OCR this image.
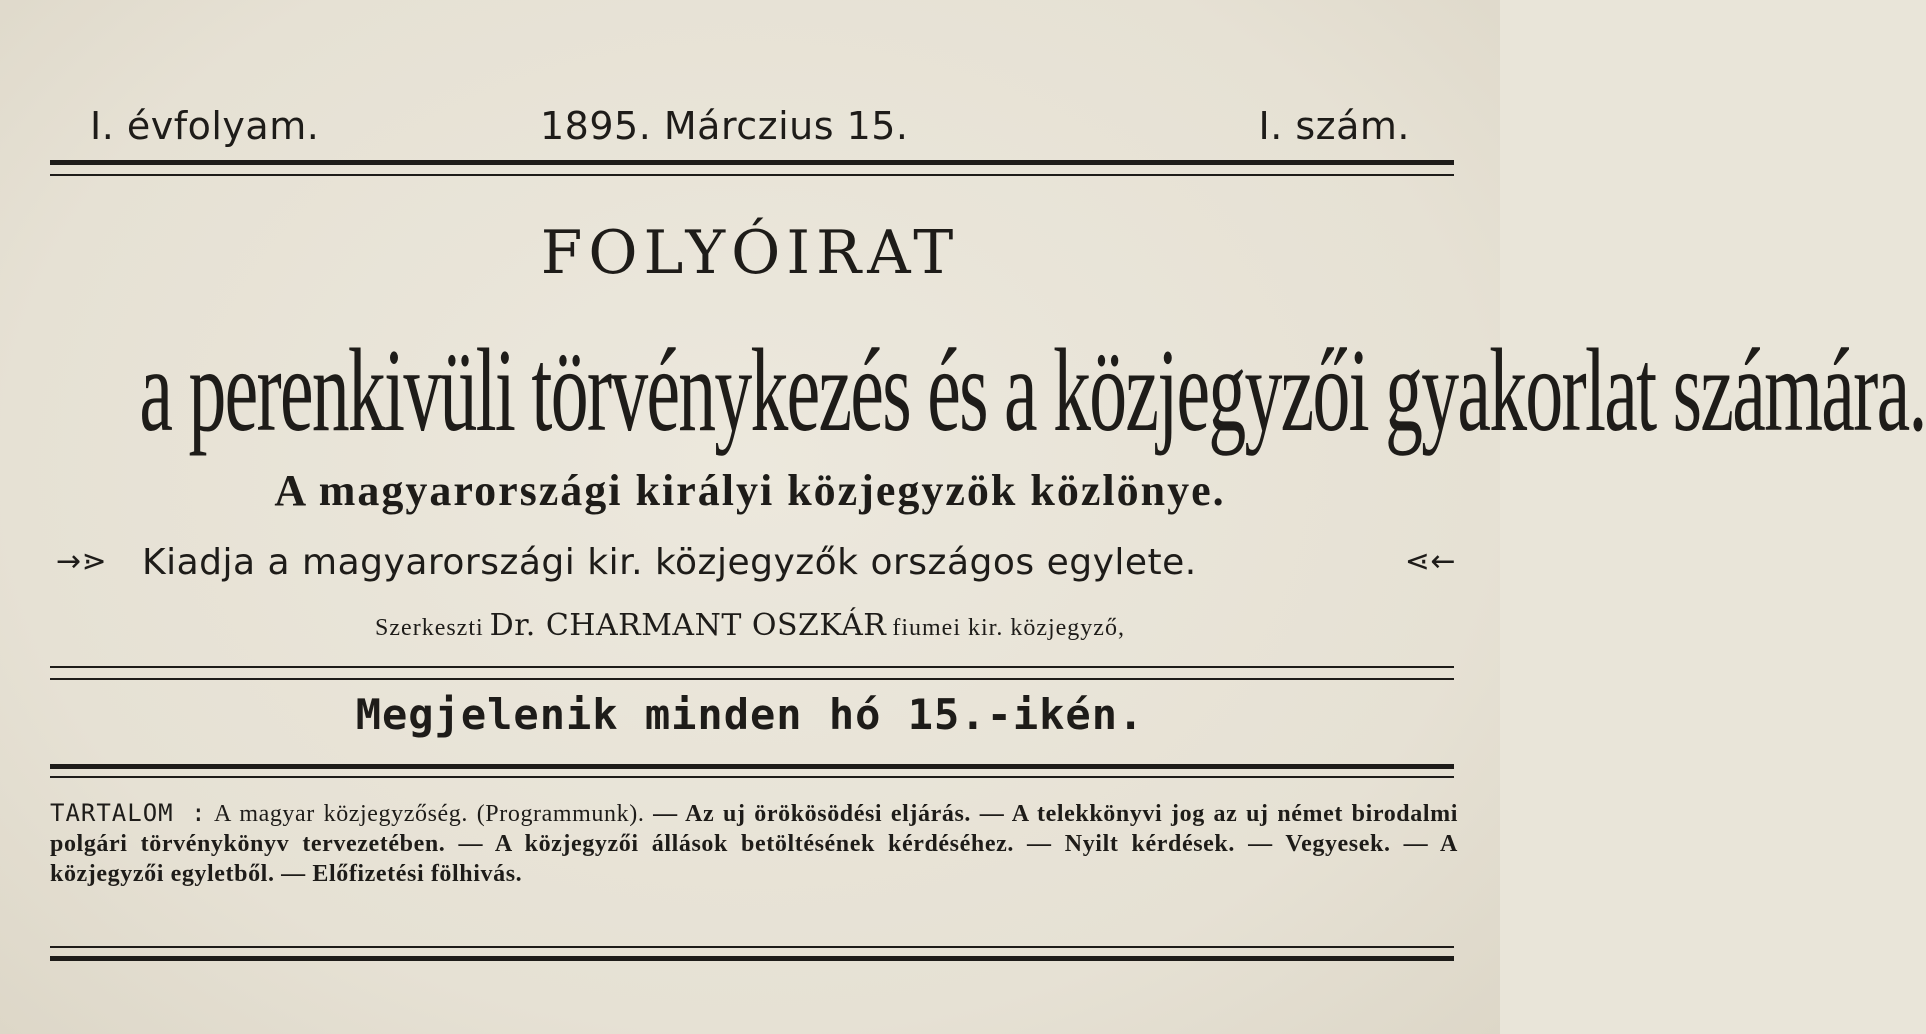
I. évfolyam.	1895. Márczius 15.	I. szám.
FOLYÓIRAT
a perenkivüli törvénykezés és a közjegyzői gyakorlat számára.
A magyarországi királyi közjegyzök közlönye.
→⋗ Kiadja a magyarországi kir. közjegyzők országos egylete.	⋖←
Szerkeszti Dr. CHARMANT OSZKÁR fiumei kir. közjegyző,
Megjelenik minden hó 15.-ikén.
TARTALOM : A magyar közjegyzőség. (Programmunk). — Az uj örökösödési eljárás. — A telekkönyvi jog az uj német birodalmi polgári törvénykönyv tervezetében. — A közjegyzői állások betöltésének kérdéséhez. — Nyilt kérdések. — Vegyesek. — A közjegyzői egyletből. — Előfizetési fölhivás.
